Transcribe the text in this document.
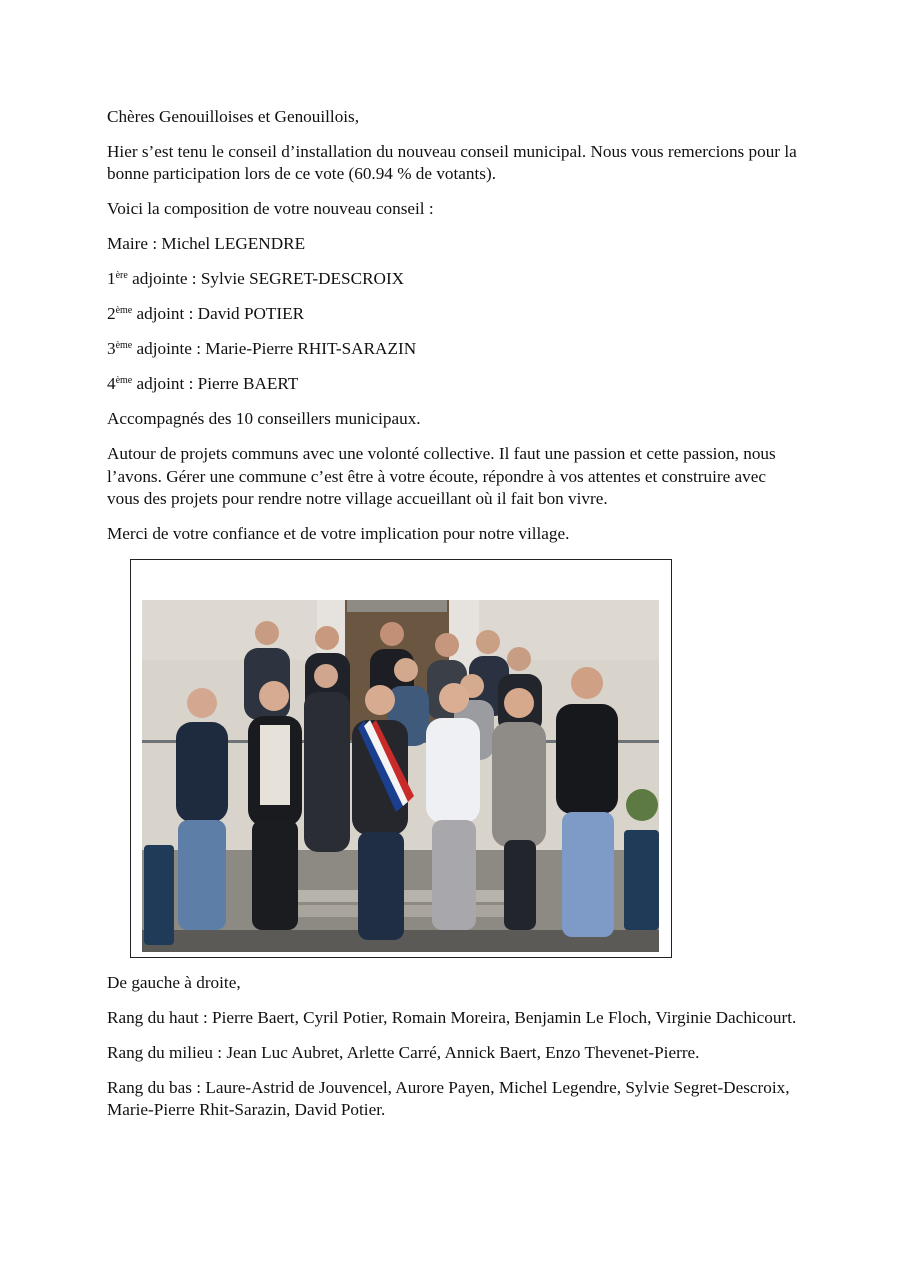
Chères Genouilloises et Genouillois,

Hier s’est tenu le conseil d’installation du nouveau conseil municipal. Nous vous remercions pour la bonne participation lors de ce vote (60.94 % de votants).

Voici la composition de votre nouveau conseil :

Maire : Michel LEGENDRE

1ère adjointe : Sylvie SEGRET-DESCROIX

2ème adjoint : David POTIER

3ème adjointe : Marie-Pierre RHIT-SARAZIN

4ème adjoint : Pierre BAERT

Accompagnés des 10 conseillers municipaux.

Autour de projets communs avec une volonté collective. Il faut une passion et cette passion, nous l’avons. Gérer une commune c’est être à votre écoute, répondre à vos attentes et construire avec vous des projets pour rendre notre village accueillant où il fait bon vivre.

Merci de votre confiance et de votre implication pour notre village.

De gauche à droite,

Rang du haut : Pierre Baert, Cyril Potier, Romain Moreira, Benjamin Le Floch, Virginie Dachicourt.

Rang du milieu : Jean Luc Aubret, Arlette Carré, Annick Baert, Enzo Thevenet-Pierre.

Rang du bas : Laure-Astrid de Jouvencel, Aurore Payen, Michel Legendre, Sylvie Segret-Descroix, Marie-Pierre Rhit-Sarazin, David Potier.
